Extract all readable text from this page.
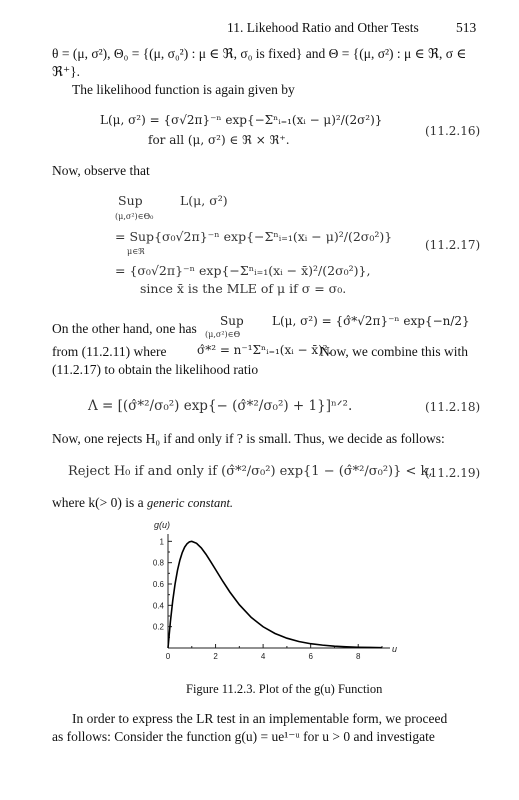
11. Likehood Ratio and Other Tests	513
θ = (μ, σ²), Θ₀ = {(μ, σ₀²) : μ ∈ ℜ, σ₀ is fixed} and Θ = {(μ, σ²) : μ ∈ ℜ, σ ∈
ℜ⁺}.
The likelihood function is again given by
L(μ, σ²) = {σ√2π}⁻ⁿ exp{−Σⁿᵢ₌₁(xᵢ − μ)²/(2σ²)}
for all (μ, σ²) ∈ ℜ × ℜ⁺.
(11.2.16)
Now, observe that
Sup	L(μ, σ²)
(μ,σ²)∈Θ₀
= Sup{σ₀√2π}⁻ⁿ exp{−Σⁿᵢ₌₁(xᵢ − μ)²/(2σ₀²)}
μ∈ℜ
= {σ₀√2π}⁻ⁿ exp{−Σⁿᵢ₌₁(xᵢ − x̄)²/(2σ₀²)},
since x̄ is the MLE of μ if σ = σ₀.
(11.2.17)
On the other hand, one has Sup
(μ,σ²)∈Θ
L(μ, σ²) = {σ̂*√2π}⁻ⁿ exp{−n/2}
from (11.2.11) where	σ̂*² = n⁻¹Σⁿᵢ₌₁(xᵢ − x̄)².
Now, we combine this with
(11.2.17) to obtain the likelihood ratio
Λ = [(σ̂*²/σ₀²) exp{− (σ̂*²/σ₀²) + 1}]ⁿᐟ².	(11.2.18)
Now, one rejects H₀ if and only if ? is small. Thus, we decide as follows:
Reject H₀ if and only if (σ̂*²/σ₀²) exp{1 − (σ̂*²/σ₀²)} < k,
(11.2.19)
where k(> 0) is a generic constant.
0	2	4	6	8
0.2
0.4
0.6
0.8
1
g(u)
u
Figure 11.2.3. Plot of the g(u) Function
In order to express the LR test in an implementable form, we proceed
as follows: Consider the function g(u) = ue¹⁻ᵘ for u > 0 and investigate
